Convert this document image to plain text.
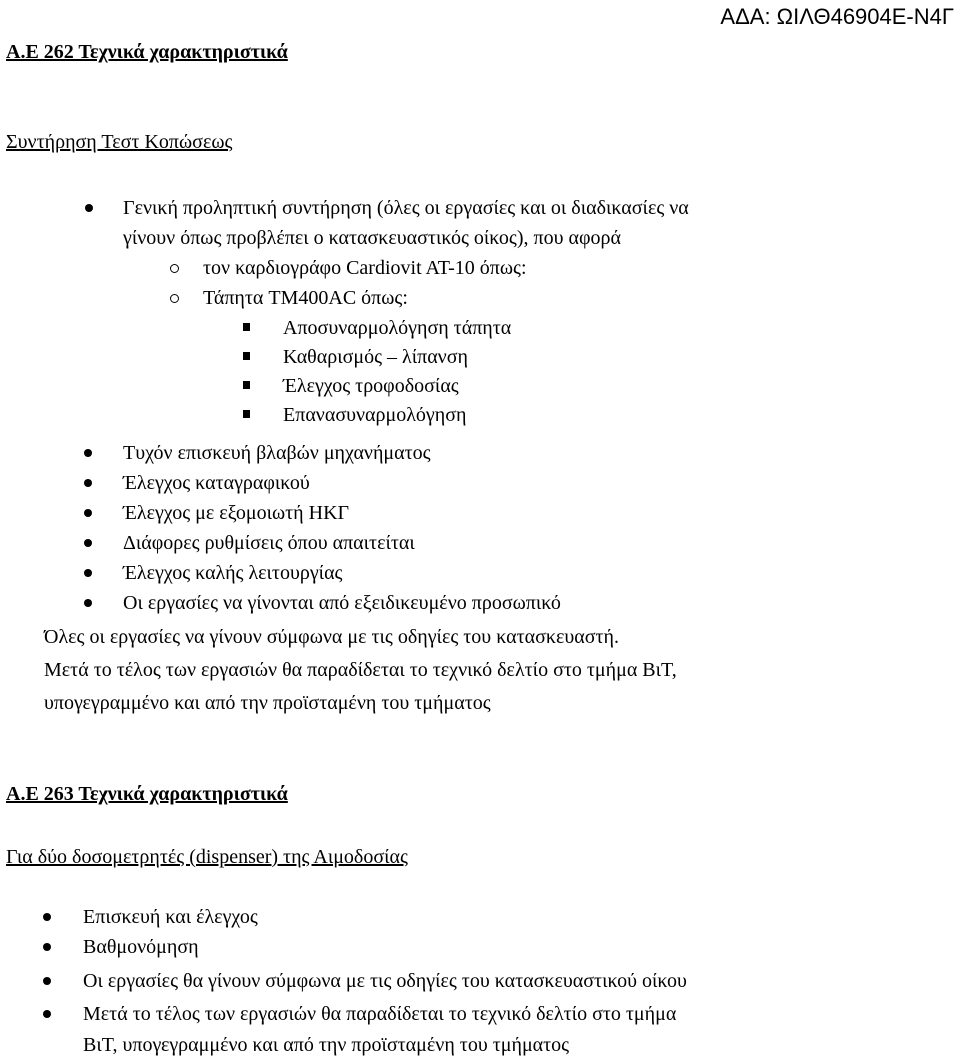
ΑΔΑ: ΩΙΛΘ46904Ε-Ν4Γ
Α.Ε 262 Τεχνικά χαρακτηριστικά
Συντήρηση Τεστ Κοπώσεως
Γενική προληπτική συντήρηση (όλες οι εργασίες και οι διαδικασίες να
γίνουν όπως προβλέπει ο κατασκευαστικός οίκος), που αφορά
τον καρδιογράφο Cardiovit AT-10 όπως:
Τάπητα TM400AC όπως:
Αποσυναρμολόγηση τάπητα
Καθαρισμός – λίπανση
Έλεγχος τροφοδοσίας
Επανασυναρμολόγηση
Τυχόν επισκευή βλαβών μηχανήματος
Έλεγχος καταγραφικού
Έλεγχος με εξομοιωτή ΗΚΓ
Διάφορες ρυθμίσεις όπου απαιτείται
Έλεγχος καλής λειτουργίας
Οι εργασίες να γίνονται από εξειδικευμένο προσωπικό
Όλες οι εργασίες να γίνουν σύμφωνα με τις οδηγίες του κατασκευαστή.
Μετά το τέλος των εργασιών θα παραδίδεται το τεχνικό δελτίο στο τμήμα ΒιΤ,
υπογεγραμμένο και από την προϊσταμένη του τμήματος
Α.Ε 263 Τεχνικά χαρακτηριστικά
Για δύο δοσομετρητές (dispenser) της Αιμοδοσίας
Επισκευή και έλεγχος
Βαθμονόμηση
Οι εργασίες θα γίνουν σύμφωνα με τις οδηγίες του κατασκευαστικού οίκου
Μετά το τέλος των εργασιών θα παραδίδεται το τεχνικό δελτίο στο τμήμα
ΒιΤ, υπογεγραμμένο και από την προϊσταμένη του τμήματος
